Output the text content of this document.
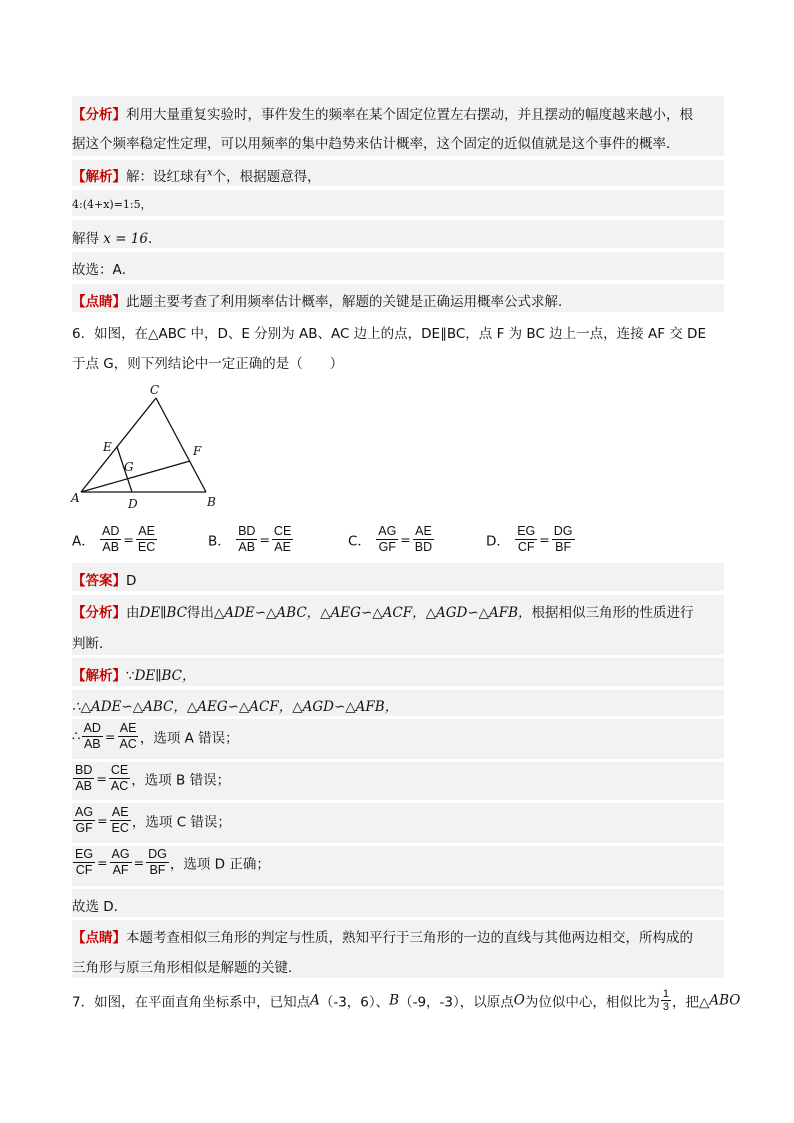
【分析】利用大量重复实验时，事件发生的频率在某个固定位置左右摆动，并且摆动的幅度越来越小，根
据这个频率稳定性定理，可以用频率的集中趋势来估计概率，这个固定的近似值就是这个事件的概率．
【解析】解：设红球有$^x$个，根据题意得，
4:(4+x)=1:5，
解得 x = 16．
故选：A．
【点睛】此题主要考查了利用频率估计概率，解题的关键是正确运用概率公式求解．
6．如图，在△ABC 中，D、E 分别为 AB、AC 边上的点，DE∥BC，点 F 为 BC 边上一点，连接 AF 交 DE
于点 G，则下列结论中一定正确的是（　　）
C
E	F
G
A	D	B
A． $\frac{AD}{AB} = \frac{AE}{EC}$	B． $\frac{BD}{AB} = \frac{CE}{AE}$	C． $\frac{AG}{GF} = \frac{AE}{BD}$	D． $\frac{EG}{CF} = \frac{DG}{BF}$
【答案】D
【分析】由DE∥BC得出△ADE∽△ABC，△AEG∽△ACF，△AGD∽△AFB，根据相似三角形的性质进行
判断．
【解析】∵DE∥BC，
∴△ADE∽△ABC，△AEG∽△ACF，△AGD∽△AFB，
∴ $\frac{AD}{AB} = \frac{AE}{AC}$ ，选项 A 错误；
$\frac{BD}{AB} = \frac{CE}{AC}$ ，选项 B 错误；
$\frac{AG}{GF} = \frac{AE}{EC}$ ，选项 C 错误；
$\frac{EG}{CF} = \frac{AG}{AF} = \frac{DG}{BF}$ ，选项 D 正确；
故选 D．
【点睛】本题考查相似三角形的判定与性质，熟知平行于三角形的一边的直线与其他两边相交，所构成的
三角形与原三角形相似是解题的关键．
7．如图，在平面直角坐标系中，已知点A（-3，6）、B（-9，-3），以原点O为位似中心，相似比为 $\frac{1}{3}$ ，把△ABO
